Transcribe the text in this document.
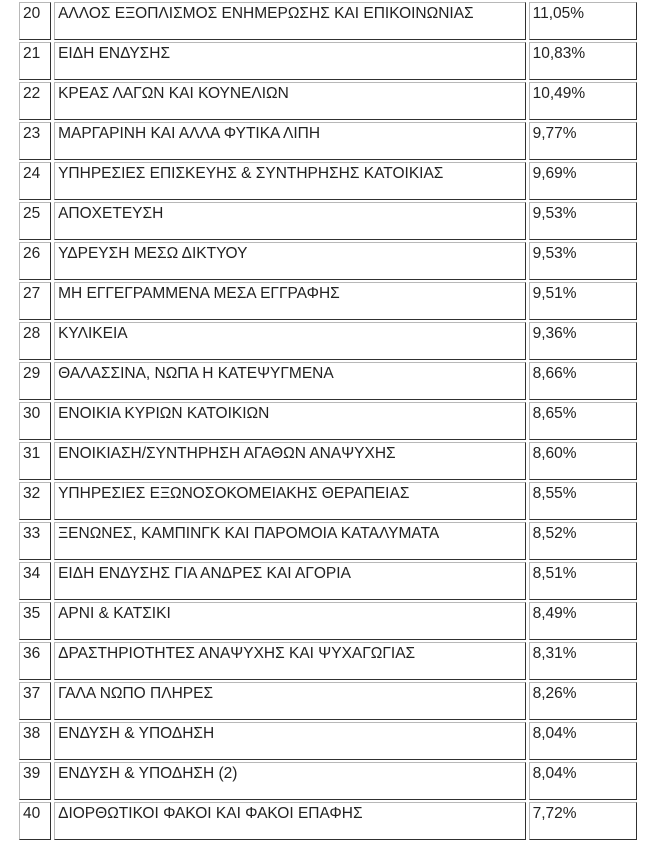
20	ΑΛΛΟΣ ΕΞΟΠΛΙΣΜΟΣ ΕΝΗΜΕΡΩΣΗΣ ΚΑΙ ΕΠΙΚΟΙΝΩΝΙΑΣ	11,05%
21	ΕΙΔΗ ΕΝΔΥΣΗΣ	10,83%
22	ΚΡΕΑΣ ΛΑΓΩΝ ΚΑΙ ΚΟΥΝΕΛΙΩΝ	10,49%
23	ΜΑΡΓΑΡΙΝΗ ΚΑΙ ΑΛΛΑ ΦΥΤΙΚΑ ΛΙΠΗ	9,77%
24	ΥΠΗΡΕΣΙΕΣ ΕΠΙΣΚΕΥΗΣ & ΣΥΝΤΗΡΗΣΗΣ ΚΑΤΟΙΚΙΑΣ	9,69%
25	ΑΠΟΧΕΤΕΥΣΗ	9,53%
26	ΥΔΡΕΥΣΗ ΜΕΣΩ ΔΙΚΤΥΟΥ	9,53%
27	ΜΗ ΕΓΓΕΓΡΑΜΜΕΝΑ ΜΕΣΑ ΕΓΓΡΑΦΗΣ	9,51%
28	ΚΥΛΙΚΕΙΑ	9,36%
29	ΘΑΛΑΣΣΙΝΑ, ΝΩΠΑ Η ΚΑΤΕΨΥΓΜΕΝΑ	8,66%
30	ΕΝΟΙΚΙΑ ΚΥΡΙΩΝ ΚΑΤΟΙΚΙΩΝ	8,65%
31	ΕΝΟΙΚΙΑΣΗ/ΣΥΝΤΗΡΗΣΗ ΑΓΑΘΩΝ ΑΝΑΨΥΧΗΣ	8,60%
32	ΥΠΗΡΕΣΙΕΣ ΕΞΩΝΟΣΟΚΟΜΕΙΑΚΗΣ ΘΕΡΑΠΕΙΑΣ	8,55%
33	ΞΕΝΩΝΕΣ, ΚΑΜΠΙΝΓΚ ΚΑΙ ΠΑΡΟΜΟΙΑ ΚΑΤΑΛΥΜΑΤΑ	8,52%
34	ΕΙΔΗ ΕΝΔΥΣΗΣ ΓΙΑ ΑΝΔΡΕΣ ΚΑΙ ΑΓΟΡΙΑ	8,51%
35	ΑΡΝΙ & ΚΑΤΣΙΚΙ	8,49%
36	ΔΡΑΣΤΗΡΙΟΤΗΤΕΣ ΑΝΑΨΥΧΗΣ ΚΑΙ ΨΥΧΑΓΩΓΙΑΣ	8,31%
37	ΓΑΛΑ ΝΩΠΟ ΠΛΗΡΕΣ	8,26%
38	ΕΝΔΥΣΗ & ΥΠΟΔΗΣΗ	8,04%
39	ΕΝΔΥΣΗ & ΥΠΟΔΗΣΗ (2)	8,04%
40	ΔΙΟΡΘΩΤΙΚΟΙ ΦΑΚΟΙ ΚΑΙ ΦΑΚΟΙ ΕΠΑΦΗΣ	7,72%
